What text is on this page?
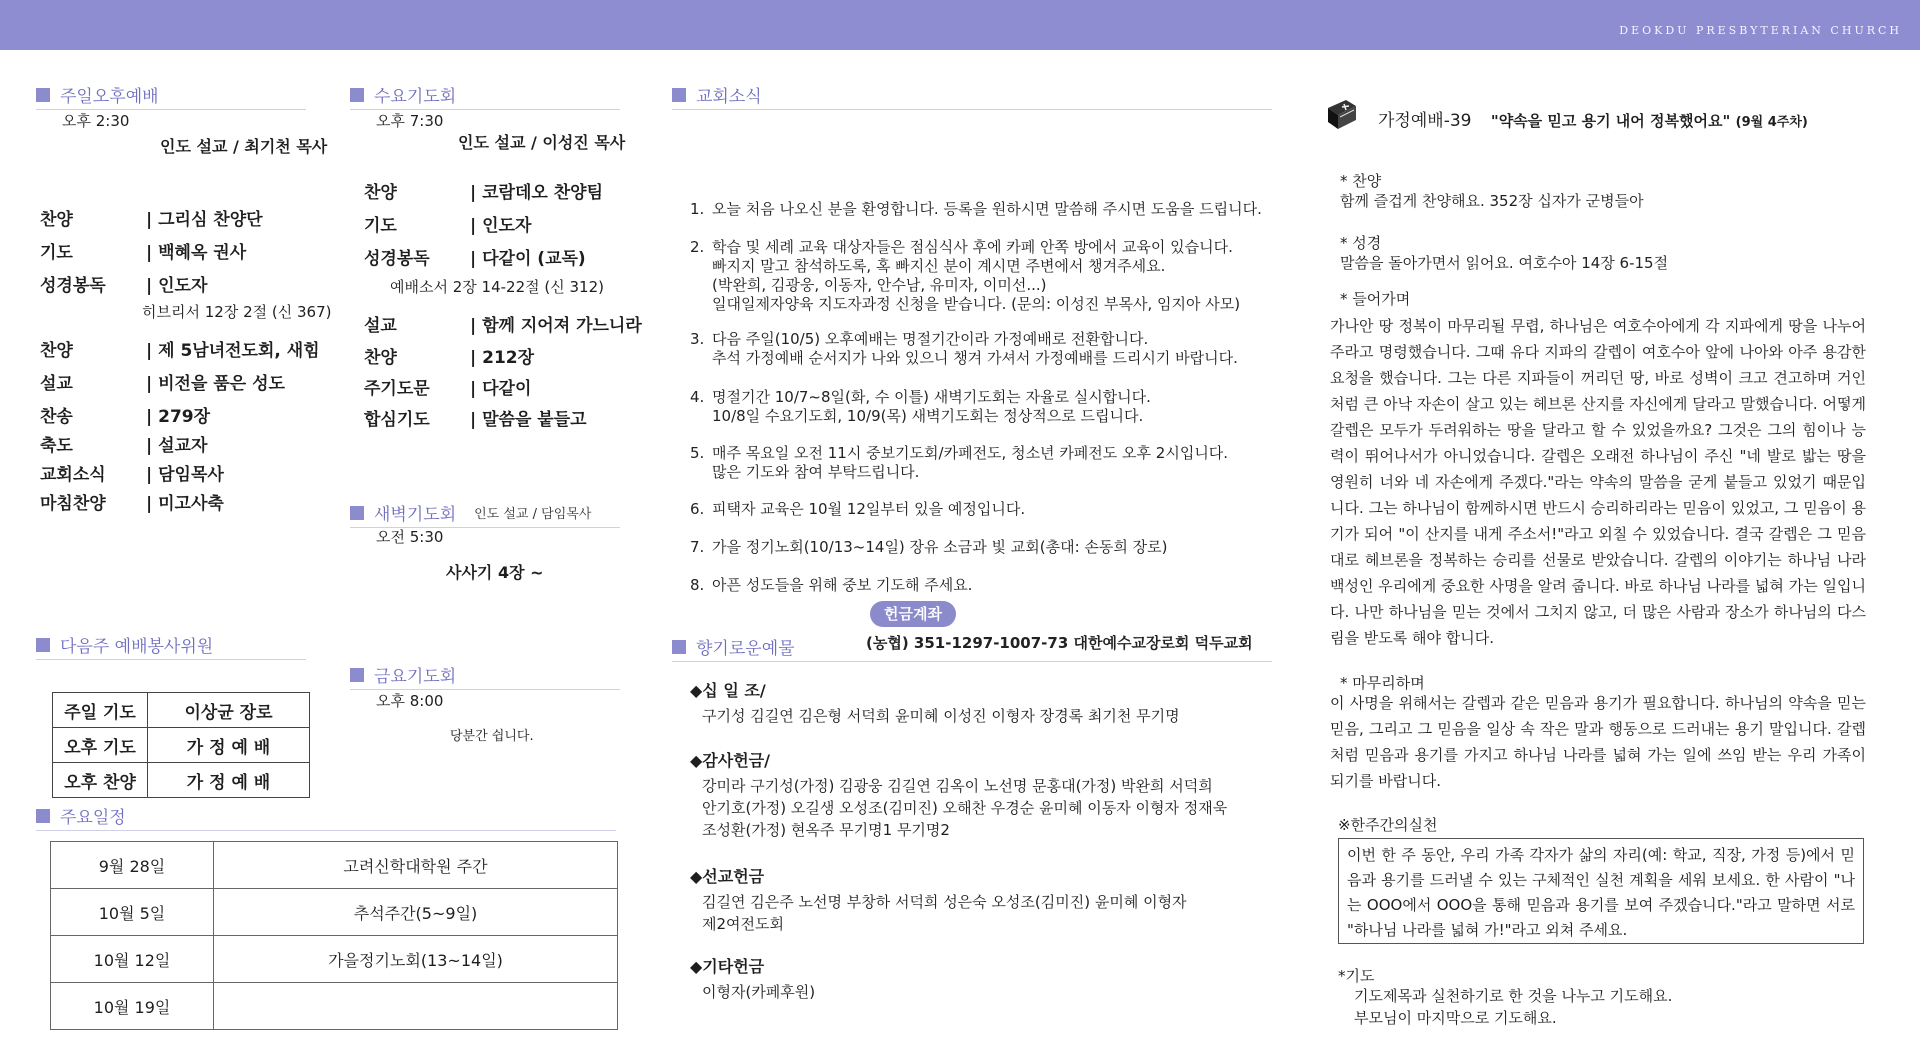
DEOKDU PRESBYTERIAN CHURCH
주일오후예배
오후 2:30
인도 설교 / 최기천 목사
찬양	| 그리심 찬양단
기도	| 백혜옥 권사
성경봉독	| 인도자
히브리서 12장 2절 (신 367)
찬양	| 제 5남녀전도회, 새힘
설교	| 비전을 품은 성도
찬송	| 279장
축도	| 설교자
교회소식	| 담임목사
마침찬양	| 미고사축
다음주 예배봉사위원
주일 기도	이상균 장로
오후 기도	가 정 예 배
오후 찬양	가 정 예 배
주요일정
9월 28일	고려신학대학원 주간
10월 5일	추석주간(5~9일)
10월 12일	가을정기노회(13~14일)
10월 19일	
수요기도회
오후 7:30
인도 설교 / 이성진 목사
찬양	| 코람데오 찬양팀
기도	| 인도자
성경봉독	| 다같이 (교독)
예배소서 2장 14-22절 (신 312)
설교	| 함께 지어져 가느니라
찬양	| 212장
주기도문	| 다같이
합심기도	| 말씀을 붙들고
새벽기도회 인도 설교 / 담임목사
오전 5:30
사사기 4장 ~
금요기도회
오후 8:00
당분간 쉽니다.
교회소식
1. 오늘 처음 나오신 분을 환영합니다. 등록을 원하시면 말씀해 주시면 도움을 드립니다.
2. 학습 및 세례 교육 대상자들은 점심식사 후에 카페 안쪽 방에서 교육이 있습니다.
빠지지 말고 참석하도록, 혹 빠지신 분이 계시면 주변에서 챙겨주세요.
(박완희, 김광웅, 이동자, 안수남, 유미자, 이미선...)
일대일제자양육 지도자과정 신청을 받습니다. (문의: 이성진 부목사, 임지아 사모)
3. 다음 주일(10/5) 오후예배는 명절기간이라 가정예배로 전환합니다.
추석 가정예배 순서지가 나와 있으니 챙겨 가셔서 가정예배를 드리시기 바랍니다.
4. 명절기간 10/7~8일(화, 수 이틀) 새벽기도회는 자율로 실시합니다.
10/8일 수요기도회, 10/9(목) 새벽기도회는 정상적으로 드립니다.
5. 매주 목요일 오전 11시 중보기도회/카페전도, 청소년 카페전도 오후 2시입니다.
많은 기도와 참여 부탁드립니다.
6. 피택자 교육은 10월 12일부터 있을 예정입니다.
7. 가을 정기노회(10/13~14일) 장유 소금과 빛 교회(총대: 손동희 장로)
8. 아픈 성도들을 위해 중보 기도해 주세요.
헌금계좌
향기로운예물	(농협) 351-1297-1007-73 대한예수교장로회 덕두교회
◆십 일 조/

구기성 김길연 김은형 서덕희 윤미혜 이성진 이형자 장경록 최기천 무기명

◆감사헌금/

강미라 구기성(가정) 김광웅 김길연 김옥이 노선명 문홍대(가정) 박완희 서덕희

안기호(가정) 오길생 오성조(김미진) 오해찬 우경순 윤미혜 이동자 이형자 정재욱

조성환(가정) 현옥주 무기명1 무기명2

◆선교헌금

김길연 김은주 노선명 부창하 서덕희 성은숙 오성조(김미진) 윤미혜 이형자

제2여전도회

◆기타헌금

이형자(카페후원)

가정예배-39 "약속을 믿고 용기 내어 정복했어요" (9월 4주차)
* 찬양
함께 즐겁게 찬양해요. 352장 십자가 군병들아
* 성경
말씀을 돌아가면서 읽어요. 여호수아 14장 6-15절
* 들어가며
가나안 땅 정복이 마무리될 무렵, 하나님은 여호수아에게 각 지파에게 땅을 나누어 주라고 명령했습니다. 그때 유다 지파의 갈렙이 여호수아 앞에 나아와 아주 용감한 요청을 했습니다. 그는 다른 지파들이 꺼리던 땅, 바로 성벽이 크고 견고하며 거인처럼 큰 아낙 자손이 살고 있는 헤브론 산지를 자신에게 달라고 말했습니다. 어떻게 갈렙은 모두가 두려워하는 땅을 달라고 할 수 있었을까요? 그것은 그의 힘이나 능력이 뛰어나서가 아니었습니다. 갈렙은 오래전 하나님이 주신 "네 발로 밟는 땅을 영원히 너와 네 자손에게 주겠다."라는 약속의 말씀을 굳게 붙들고 있었기 때문입니다. 그는 하나님이 함께하시면 반드시 승리하리라는 믿음이 있었고, 그 믿음이 용기가 되어 "이 산지를 내게 주소서!"라고 외칠 수 있었습니다. 결국 갈렙은 그 믿음대로 헤브론을 정복하는 승리를 선물로 받았습니다. 갈렙의 이야기는 하나님 나라 백성인 우리에게 중요한 사명을 알려 줍니다. 바로 하나님 나라를 넓혀 가는 일입니다. 나만 하나님을 믿는 것에서 그치지 않고, 더 많은 사람과 장소가 하나님의 다스림을 받도록 해야 합니다.
* 마무리하며
이 사명을 위해서는 갈렙과 같은 믿음과 용기가 필요합니다. 하나님의 약속을 믿는 믿음, 그리고 그 믿음을 일상 속 작은 말과 행동으로 드러내는 용기 말입니다. 갈렙처럼 믿음과 용기를 가지고 하나님 나라를 넓혀 가는 일에 쓰임 받는 우리 가족이 되기를 바랍니다.
※한주간의실천
이번 한 주 동안, 우리 가족 각자가 삶의 자리(예: 학교, 직장, 가정 등)에서 믿음과 용기를 드러낼 수 있는 구체적인 실천 계획을 세워 보세요. 한 사람이 "나는 OOO에서 OOO을 통해 믿음과 용기를 보여 주겠습니다."라고 말하면 서로 "하나님 나라를 넓혀 가!"라고 외쳐 주세요.
*기도
기도제목과 실천하기로 한 것을 나누고 기도해요.
부모님이 마지막으로 기도해요.
